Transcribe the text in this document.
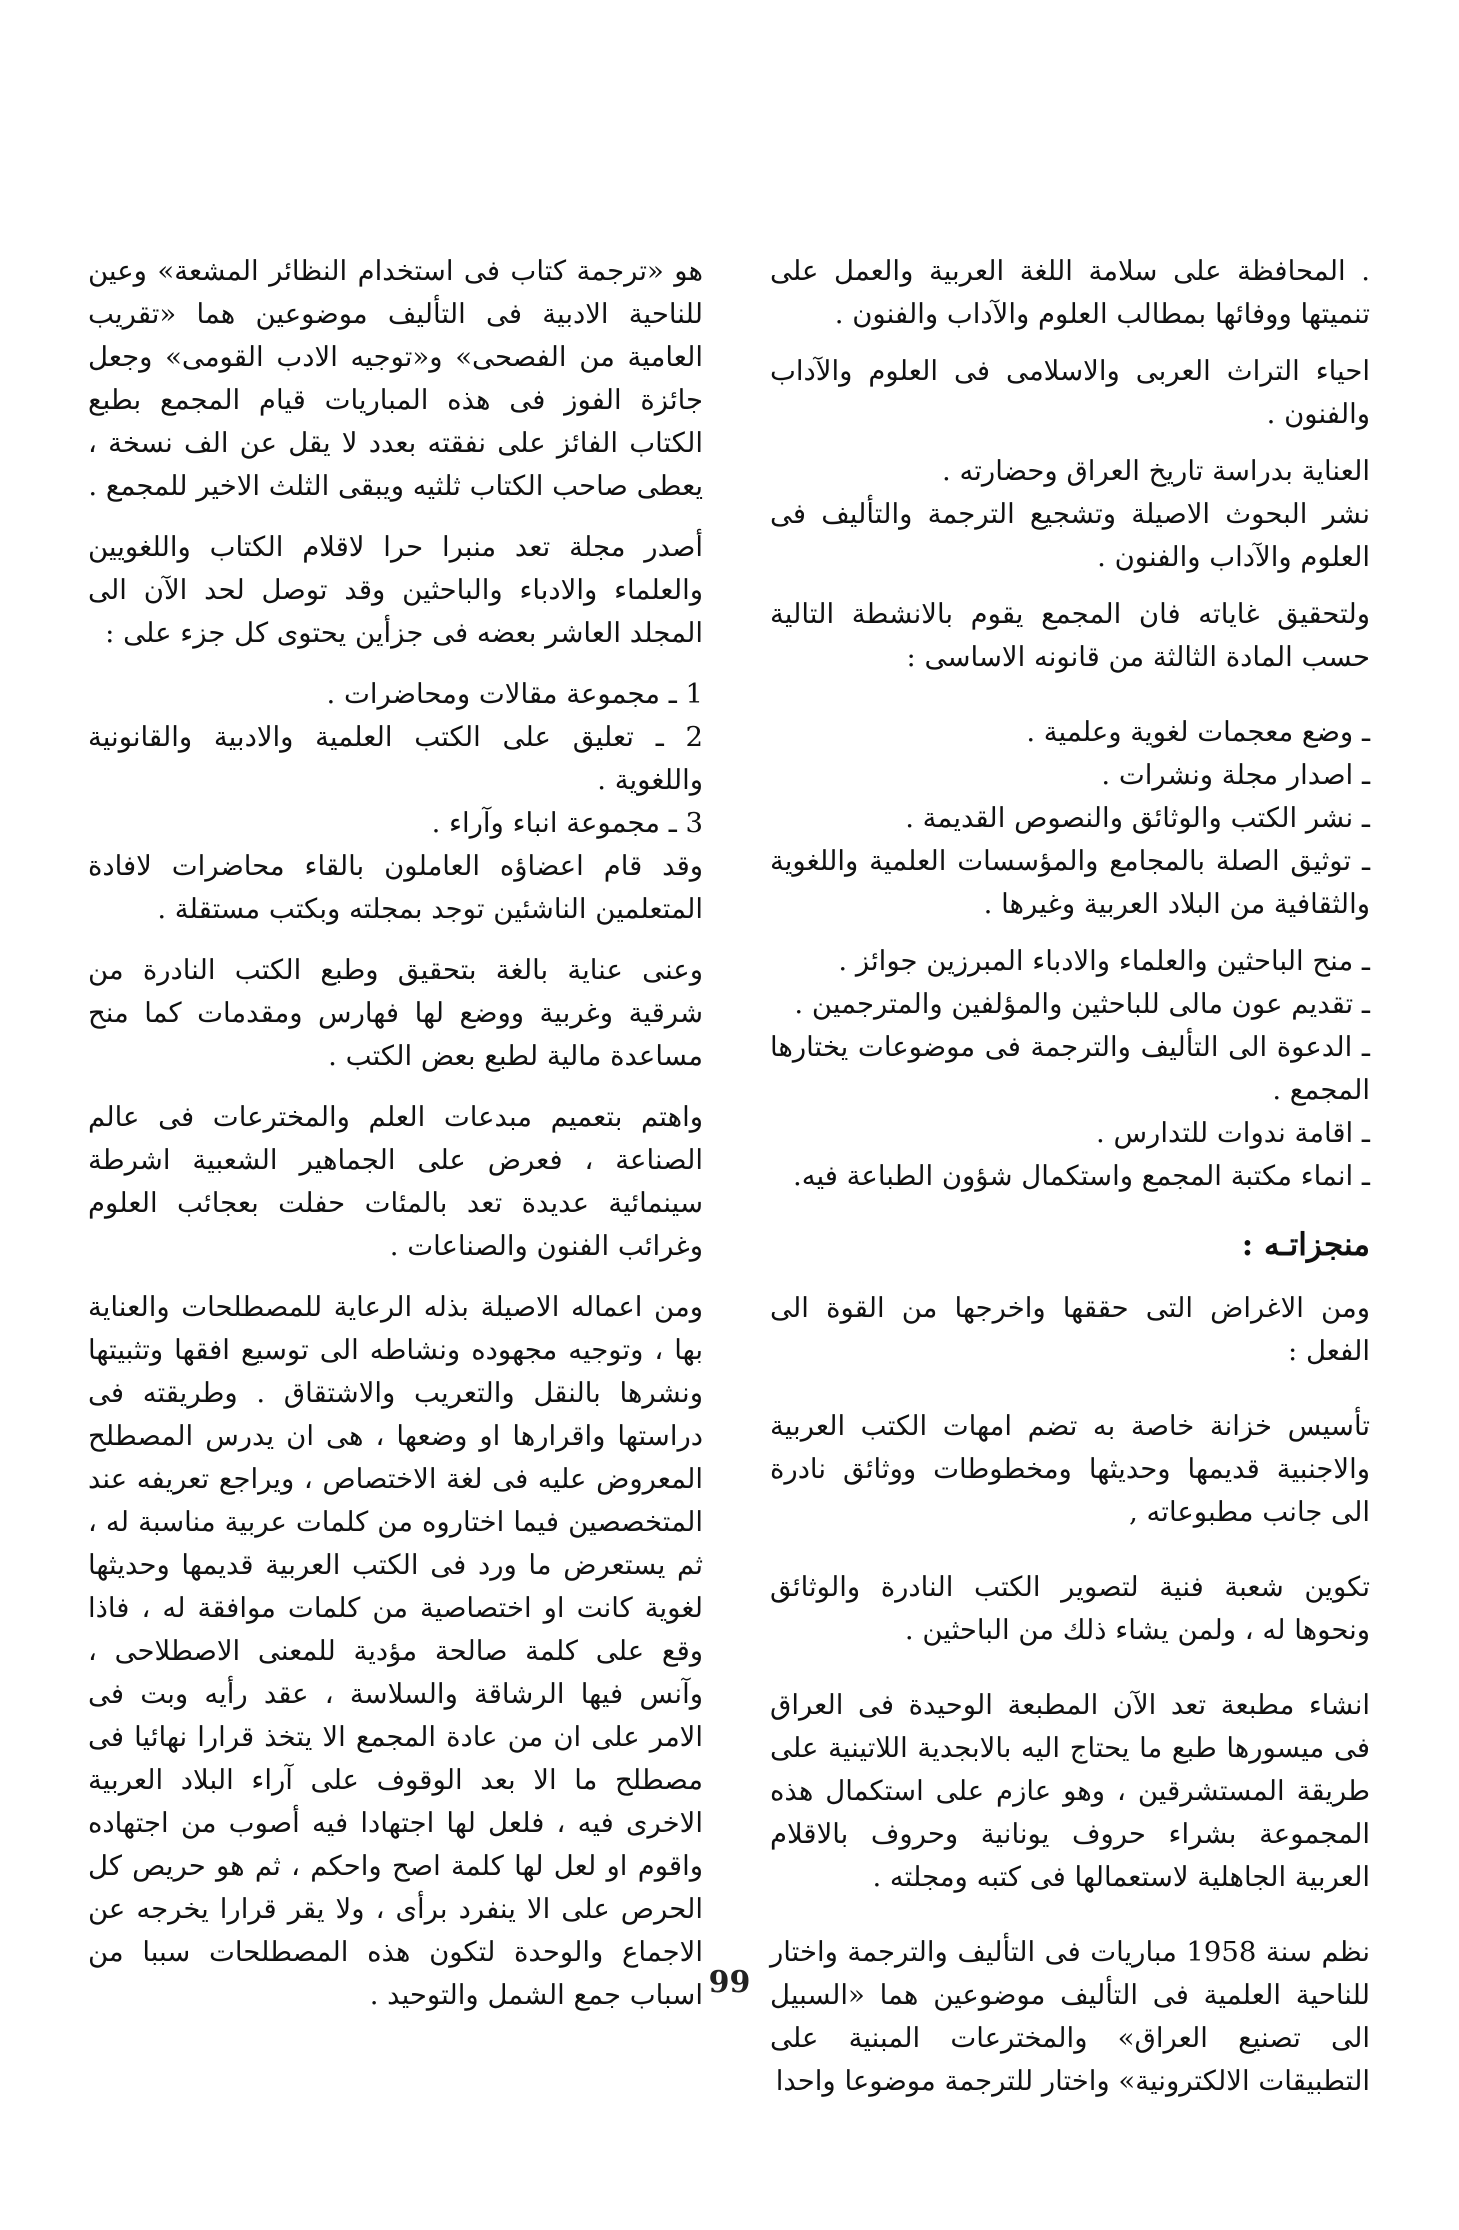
. المحافظة على سلامة اللغة العربية والعمل على تنميتها ووفائها بمطالب العلوم والآداب والفنون .

احياء التراث العربى والاسلامى فى العلوم والآداب والفنون .

العناية بدراسة تاريخ العراق وحضارته .

نشر البحوث الاصيلة وتشجيع الترجمة والتأليف فى العلوم والآداب والفنون .

ولتحقيق غاياته فان المجمع يقوم بالانشطة التالية حسب المادة الثالثة من قانونه الاساسى :

ـ وضع معجمات لغوية وعلمية .

ـ اصدار مجلة ونشرات .

ـ نشر الكتب والوثائق والنصوص القديمة .

ـ توثيق الصلة بالمجامع والمؤسسات العلمية واللغوية والثقافية من البلاد العربية وغيرها .

ـ منح الباحثين والعلماء والادباء المبرزين جوائز .

ـ تقديم عون مالى للباحثين والمؤلفين والمترجمين .

ـ الدعوة الى التأليف والترجمة فى موضوعات يختارها المجمع .

ـ اقامة ندوات للتدارس .

ـ انماء مكتبة المجمع واستكمال شؤون الطباعة فيه.

منجزاتـه :

ومن الاغراض التى حققها واخرجها من القوة الى الفعل :

تأسيس خزانة خاصة به تضم امهات الكتب العربية والاجنبية قديمها وحديثها ومخطوطات ووثائق نادرة الى جانب مطبوعاته ,

تكوين شعبة فنية لتصوير الكتب النادرة والوثائق ونحوها له ، ولمن يشاء ذلك من الباحثين .

انشاء مطبعة تعد الآن المطبعة الوحيدة فى العراق فى ميسورها طبع ما يحتاج اليه بالابجدية اللاتينية على طريقة المستشرقين ، وهو عازم على استكمال هذه المجموعة بشراء حروف يونانية وحروف بالاقلام العربية الجاهلية لاستعمالها فى كتبه ومجلته .

نظم سنة 1958 مباريات فى التأليف والترجمة واختار للناحية العلمية فى التأليف موضوعين هما «السبيل الى تصنيع العراق» والمخترعات المبنية على التطبيقات الالكترونية» واختار للترجمة موضوعا واحدا

هو «ترجمة كتاب فى استخدام النظائر المشعة» وعين للناحية الادبية فى التأليف موضوعين هما «تقريب العامية من الفصحى» و«توجيه الادب القومى» وجعل جائزة الفوز فى هذه المباريات قيام المجمع بطبع الكتاب الفائز على نفقته بعدد لا يقل عن الف نسخة ، يعطى صاحب الكتاب ثلثيه ويبقى الثلث الاخير للمجمع .

أصدر مجلة تعد منبرا حرا لاقلام الكتاب واللغويين والعلماء والادباء والباحثين وقد توصل لحد الآن الى المجلد العاشر بعضه فى جزأين يحتوى كل جزء على :

1 ـ مجموعة مقالات ومحاضرات .

2 ـ تعليق على الكتب العلمية والادبية والقانونية واللغوية .

3 ـ مجموعة انباء وآراء .

وقد قام اعضاؤه العاملون بالقاء محاضرات لافادة المتعلمين الناشئين توجد بمجلته وبكتب مستقلة .

وعنى عناية بالغة بتحقيق وطبع الكتب النادرة من شرقية وغربية ووضع لها فهارس ومقدمات كما منح مساعدة مالية لطبع بعض الكتب .

واهتم بتعميم مبدعات العلم والمخترعات فى عالم الصناعة ، فعرض على الجماهير الشعبية اشرطة سينمائية عديدة تعد بالمئات حفلت بعجائب العلوم وغرائب الفنون والصناعات .

ومن اعماله الاصيلة بذله الرعاية للمصطلحات والعناية بها ، وتوجيه مجهوده ونشاطه الى توسيع افقها وتثبيتها ونشرها بالنقل والتعريب والاشتقاق . وطريقته فى دراستها واقرارها او وضعها ، هى ان يدرس المصطلح المعروض عليه فى لغة الاختصاص ، ويراجع تعريفه عند المتخصصين فيما اختاروه من كلمات عربية مناسبة له ، ثم يستعرض ما ورد فى الكتب العربية قديمها وحديثها لغوية كانت او اختصاصية من كلمات موافقة له ، فاذا وقع على كلمة صالحة مؤدية للمعنى الاصطلاحى ، وآنس فيها الرشاقة والسلاسة ، عقد رأيه وبت فى الامر على ان من عادة المجمع الا يتخذ قرارا نهائيا فى مصطلح ما الا بعد الوقوف على آراء البلاد العربية الاخرى فيه ، فلعل لها اجتهادا فيه أصوب من اجتهاده واقوم او لعل لها كلمة اصح واحكم ، ثم هو حريص كل الحرص على الا ينفرد برأى ، ولا يقر قرارا يخرجه عن الاجماع والوحدة لتكون هذه المصطلحات سببا من اسباب جمع الشمل والتوحيد . 99
